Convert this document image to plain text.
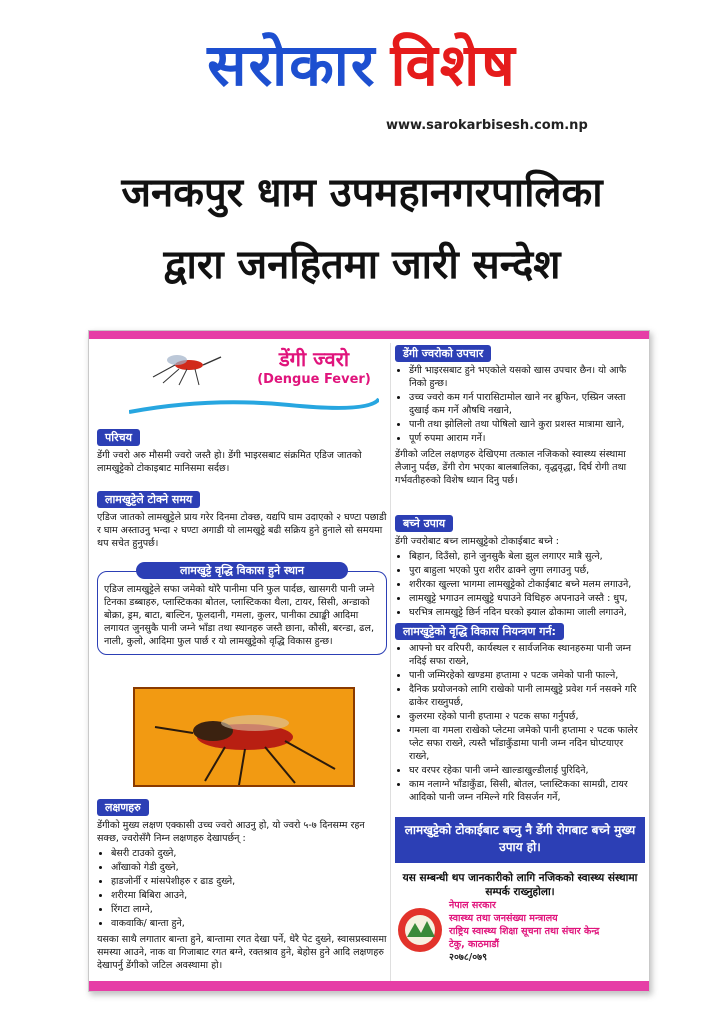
सरोकार विशेष
www.sarokarbisesh.com.np
जनकपुर धाम उपमहानगरपालिका
द्वारा जनहितमा जारी सन्देश
डेंगी ज्वरो
(Dengue Fever)
परिचय

डेंगी ज्वरो अरु मौसमी ज्वरो जस्तै हो। डेंगी भाइरसबाट संक्रमित एडिज जातको लामखुट्टेको टोकाइबाट मानिसमा सर्दछ।

लामखुट्टेले टोक्ने समय

एडिज जातको लामखुट्टेले प्राय गरेर दिनमा टोक्छ, यद्यपि घाम उदाएको २ घण्टा पछाडी र घाम अस्ताउनु भन्दा २ घण्टा अगाडी यो लामखुट्टे बढी सक्रिय हुने हुनाले सो समयमा थप सचेत हुनुपर्छ।

लामखुट्टे वृद्धि विकास हुने स्थान

एडिज लामखुट्टेले सफा जमेको थोरै पानीमा पनि फुल पार्दछ, खासगरी पानी जम्ने टिनका डब्बाहरु, प्लास्टिकका बोतल, प्लास्टिकका थैला, टायर, सिसी, अन्डाको बोक्रा, ड्रम, बाटा, बाल्टिन, फूलदानी, गमला, कुलर, पानीका ट्याङ्की आदिमा लगायत जुनसुकै पानी जम्ने भाँडा तथा स्थानहरु जस्तै छाना, कौसी, बरन्डा, ढल, नाली, कुलो, आदिमा फुल पार्छ र यो लामखुट्टेको वृद्धि विकास हुन्छ।

लक्षणहरु

डेंगीको मुख्य लक्षण एक्कासी उच्च ज्वरो आउनु हो, यो ज्वरो ५-७ दिनसम्म रहन सक्छ, ज्वरोसँगै निम्न लक्षणहरु देखापर्छन् :

• बेसरी टाउको दुख्ने,
• आँखाको गेडी दुख्ने,
• हाडजोर्नी र मांसपेशीहरु र ढाड दुख्ने,
• शरीरमा बिबिरा आउने,
• रिंगटा लाग्ने,
• वाकवाकि/ बान्ता हुने,

यसका साथै लगातार बान्ता हुने, बान्तामा रगत देखा पर्ने, धेरै पेट दुख्ने, स्वासप्रस्वासमा समस्या आउने, नाक वा गिजाबाट रगत बग्ने, रक्तश्राव हुने, बेहोस हुने आदि लक्षणहरु देखापर्नु डेंगीको जटिल अवस्थामा हो।

डेंगी ज्वरोको उपचार
• डेंगी भाइरसबाट हुने भएकोले यसको खास उपचार छैन। यो आफै निको हुन्छ।
• उच्च ज्वरो कम गर्न पारासिटामोल खाने नर ब्रुफिन, एस्प्रिन जस्ता दुखाई कम गर्ने औषधि नखाने,
• पानी तथा झोलिलो तथा पोषिलो खाने कुरा प्रशस्त मात्रामा खाने,
• पूर्ण रुपमा आराम गर्ने।

डेंगीको जटिल लक्षणहरु देखिएमा तत्काल नजिकको स्वास्थ्य संस्थामा लैजानु पर्दछ, डेंगी रोग भएका बालबालिका, वृद्धवृद्धा, दिर्घ रोगी तथा गर्भवतीहरुको विशेष ध्यान दिनु पर्छ।

बच्ने उपाय

डेंगी ज्वरोबाट बच्न लामखुट्टेको टोकाईबाट बच्ने :

• बिहान, दिउँसो, हाने जुनसुकै बेला झुल लगाएर मात्रै सुत्ने,
• पुरा बाहुला भएको पुरा शरीर ढाक्ने लुगा लगाउनु पर्छ,
• शरीरका खुल्ला भागमा लामखुट्टेको टोकाईबाट बच्ने मलम लगाउने,
• लामखुट्टे भगाउन लामखुट्टे धपाउने विधिहरु अपनाउने जस्तै : धुप,
• घरभित्र लामखुट्टे छिर्न नदिन घरको झ्याल ढोकामा जाली लगाउने,
लामखुट्टेको वृद्धि विकास नियन्त्रण गर्न:
• आफ्नो घर वरिपरी, कार्यस्थल र सार्वजनिक स्थानहरुमा पानी जम्न नदिई सफा राख्ने,
• पानी जम्मिरहेको खण्डमा हप्तामा २ पटक जमेको पानी फाल्ने,
• दैनिक प्रयोजनको लागि राखेको पानी लामखुट्टे प्रवेश गर्न नसक्ने गरि ढाकेर राख्नुपर्छ,
• कुलरमा रहेको पानी हप्तामा २ पटक सफा गर्नुपर्छ,
• गमला वा गमला राखेको प्लेटमा जमेको पानी हप्तामा २ पटक फालेर प्लेट सफा राख्ने, त्यस्तै भाँडाकुँडामा पानी जम्न नदिन घोप्टयाएर राख्ने,
• घर वरपर रहेका पानी जम्ने खाल्डाखुल्डीलाई पुरिदिने,
• काम नलाग्ने भाँडाकुँडा, सिसी, बोतल, प्लास्टिकका सामग्री, टायर आदिको पानी जम्न नमिल्ने गरि विसर्जन गर्ने,
लामखुट्टेको टोकाईबाट बच्नु नै डेंगी रोगबाट बच्ने मुख्य उपाय हो।
यस सम्बन्धी थप जानकारीको लागि नजिकको स्वास्थ्य संस्थामा सम्पर्क राख्नुहोला।
नेपाल सरकार
स्वास्थ्य तथा जनसंख्या मन्त्रालय
राष्ट्रिय स्वास्थ्य शिक्षा सूचना तथा संचार केन्द्र
टेकु, काठमाडौं
२०७८/०७९
